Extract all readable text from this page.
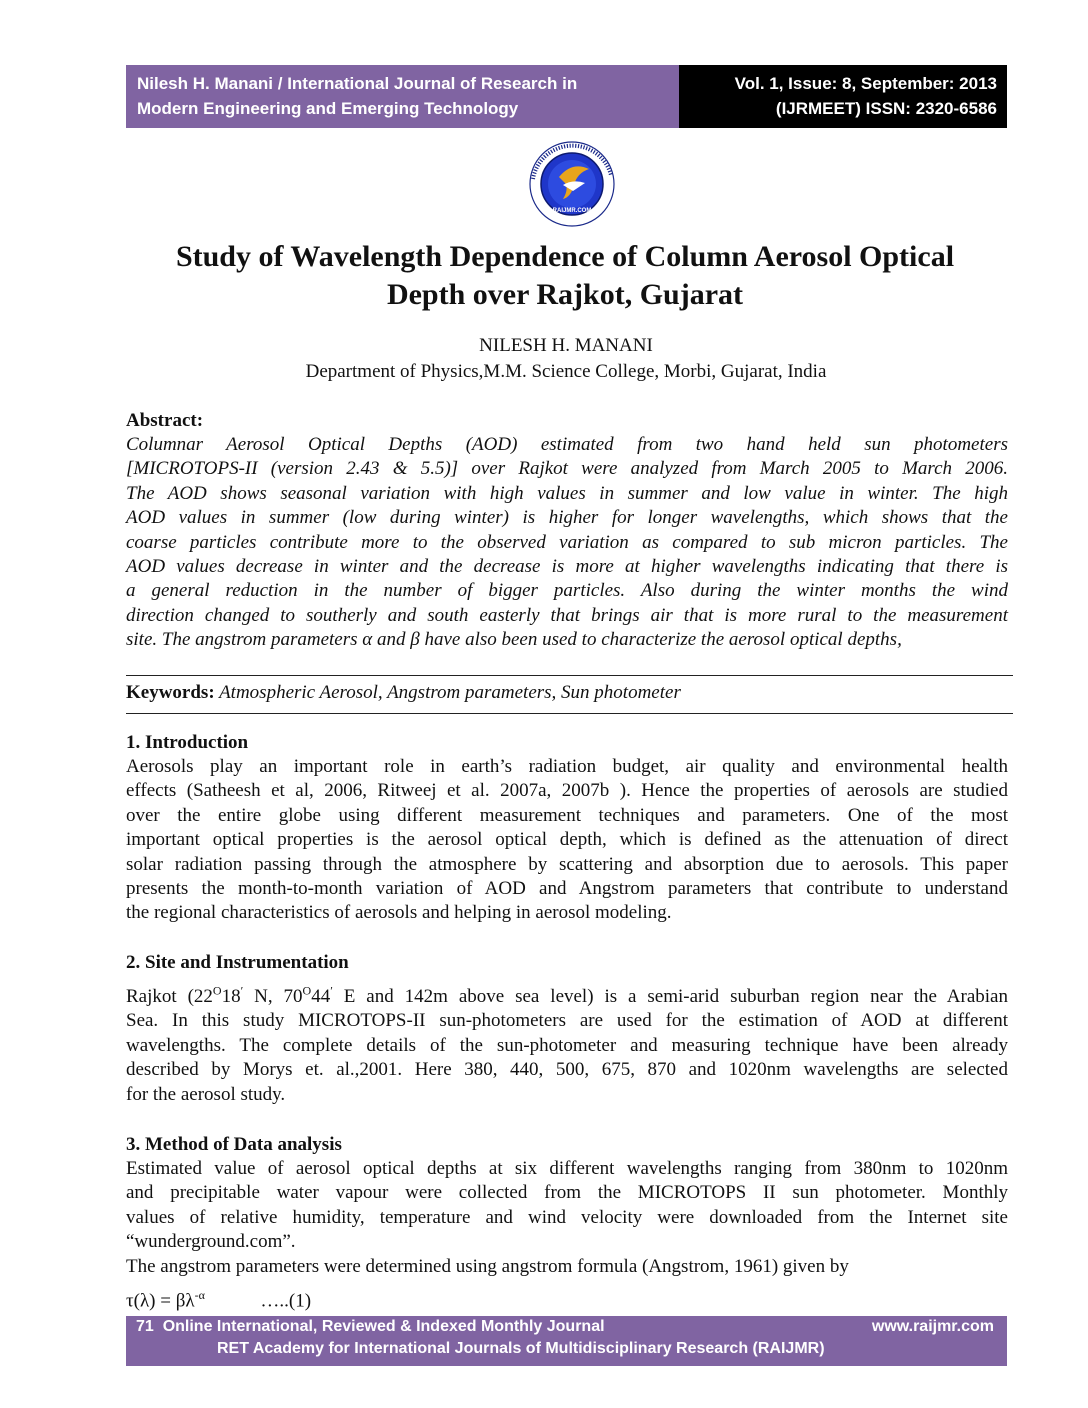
Nilesh H. Manani / International Journal of Research in
Modern Engineering and Emerging Technology
Vol. 1, Issue: 8, September: 2013
(IJRMEET) ISSN: 2320-6586
RAIJMR.COM
Study of Wavelength Dependence of Column Aerosol Optical
Depth over Rajkot, Gujarat
NILESH H. MANANI
Department of Physics,M.M. Science College, Morbi, Gujarat, India
Abstract:
Columnar Aerosol Optical Depths (AOD) estimated from two hand held sun photometers
[MICROTOPS-II (version 2.43 & 5.5)] over Rajkot were analyzed from March 2005 to March 2006.
The AOD shows seasonal variation with high values in summer and low value in winter. The high
AOD values in summer (low during winter) is higher for longer wavelengths, which shows that the
coarse particles contribute more to the observed variation as compared to sub micron particles. The
AOD values decrease in winter and the decrease is more at higher wavelengths indicating that there is
a general reduction in the number of bigger particles. Also during the winter months the wind
direction changed to southerly and south easterly that brings air that is more rural to the measurement
site. The angstrom parameters α and β have also been used to characterize the aerosol optical depths,
Keywords: Atmospheric Aerosol, Angstrom parameters, Sun photometer
1. Introduction

Aerosols play an important role in earth’s radiation budget, air quality and environmental health

effects (Satheesh et al, 2006, Ritweej et al. 2007a, 2007b ). Hence the properties of aerosols are studied

over the entire globe using different measurement techniques and parameters. One of the most

important optical properties is the aerosol optical depth, which is defined as the attenuation of direct

solar radiation passing through the atmosphere by scattering and absorption due to aerosols. This paper

presents the month-to-month variation of AOD and Angstrom parameters that contribute to understand

the regional characteristics of aerosols and helping in aerosol modeling.

2. Site and Instrumentation

Rajkot ($22^O18'$ N, $70^O44'$ E and 142m above sea level) is a semi-arid suburban region near the Arabian

Sea. In this study MICROTOPS-II sun-photometers are used for the estimation of AOD at different

wavelengths. The complete details of the sun-photometer and measuring technique have been already

described by Morys et. al.,2001. Here 380, 440, 500, 675, 870 and 1020nm wavelengths are selected

for the aerosol study.

3. Method of Data analysis

Estimated value of aerosol optical depths at six different wavelengths ranging from 380nm to 1020nm

and precipitable water vapour were collected from the MICROTOPS II sun photometer. Monthly

values of relative humidity, temperature and wind velocity were downloaded from the Internet site

“wunderground.com”.

The angstrom parameters were determined using angstrom formula (Angstrom, 1961) given by

$\tau(\lambda) = \beta\lambda^{-\alpha}$	…..(1)
71 Online International, Reviewed & Indexed Monthly Journal	www.raijmr.com
RET Academy for International Journals of Multidisciplinary Research (RAIJMR)
